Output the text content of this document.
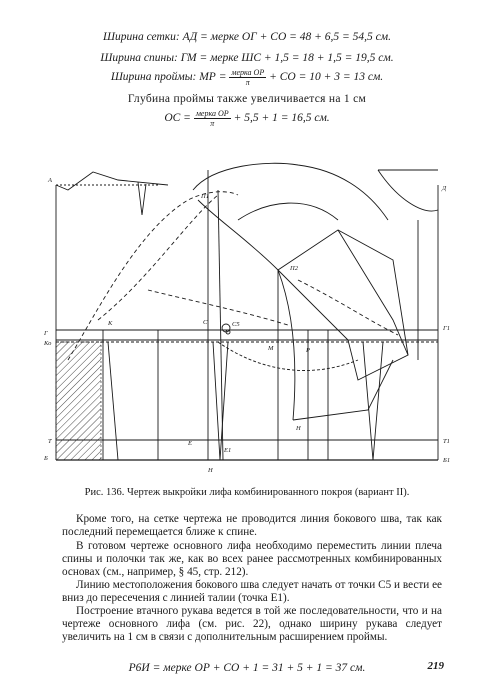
Ширина сетки: АД = мерке ОГ + СО = 48 + 6,5 = 54,5 см.
Ширина спины: ГМ = мерке ШС + 1,5 = 18 + 1,5 = 19,5 см.
Ширина проймы: МР = $\frac{\text{мерка ОР}}{\pi}$ + СО = 10 + 3 = 13 см.
Глубина проймы также увеличивается на 1 см
ОС = $\frac{\text{мерка ОР}}{\pi} + 5,5 + 1 = 16,5$ см.
А
Д
П1
П2
Г
Г1
К	С	С5
М	Р
Н
Н
Б
Т1
Б1
Е
Е1
Ко
Т
Рис. 136. Чертеж выкройки лифа комбинированного покроя (вариант II).
Кроме того, на сетке чертежа не проводится линия бокового шва, так как последний перемещается ближе к спине.
В готовом чертеже основного лифа необходимо переместить линии плеча спины и полочки так же, как во всех ранее рассмотренных комбинированных основах (см., например, § 45, стр. 212).
Линию местоположения бокового шва следует начать от точки С5 и вести ее вниз до пересечения с линией талии (точка Е1).
Построение втачного рукава ведется в той же последовательности, что и на чертеже основного лифа (см. рис. 22), однако ширину рукава следует увеличить на 1 см в связи с дополнительным расширением проймы.
P6И = мерке ОР + СО + 1 = 31 + 5 + 1 = 37 см.	219
